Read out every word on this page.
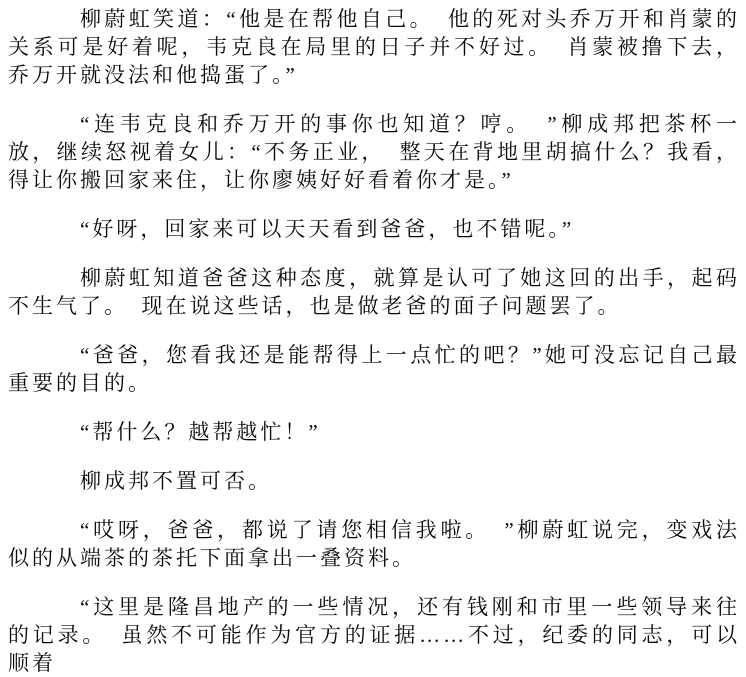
柳蔚虹笑道：“他是在帮他自己。　他的死对头乔万开和肖蒙的关系可是好着呢，韦克良在局里的日子并不好过。　肖蒙被撸下去，乔万开就没法和他捣蛋了。”

“连韦克良和乔万开的事你也知道？哼。　”柳成邦把茶杯一放，继续怒视着女儿：“不务正业，　整天在背地里胡搞什么？我看，得让你搬回家来住，让你廖姨好好看着你才是。”

“好呀，回家来可以天天看到爸爸，也不错呢。”

柳蔚虹知道爸爸这种态度，就算是认可了她这回的出手，起码不生气了。　现在说这些话，也是做老爸的面子问题罢了。

“爸爸，您看我还是能帮得上一点忙的吧？”她可没忘记自己最重要的目的。

“帮什么？越帮越忙！”

柳成邦不置可否。

“哎呀，爸爸，都说了请您相信我啦。　”柳蔚虹说完，变戏法似的从端茶的茶托下面拿出一叠资料。

“这里是隆昌地产的一些情况，还有钱刚和市里一些领导来往的记录。　虽然不可能作为官方的证据……不过，纪委的同志，可以顺着
